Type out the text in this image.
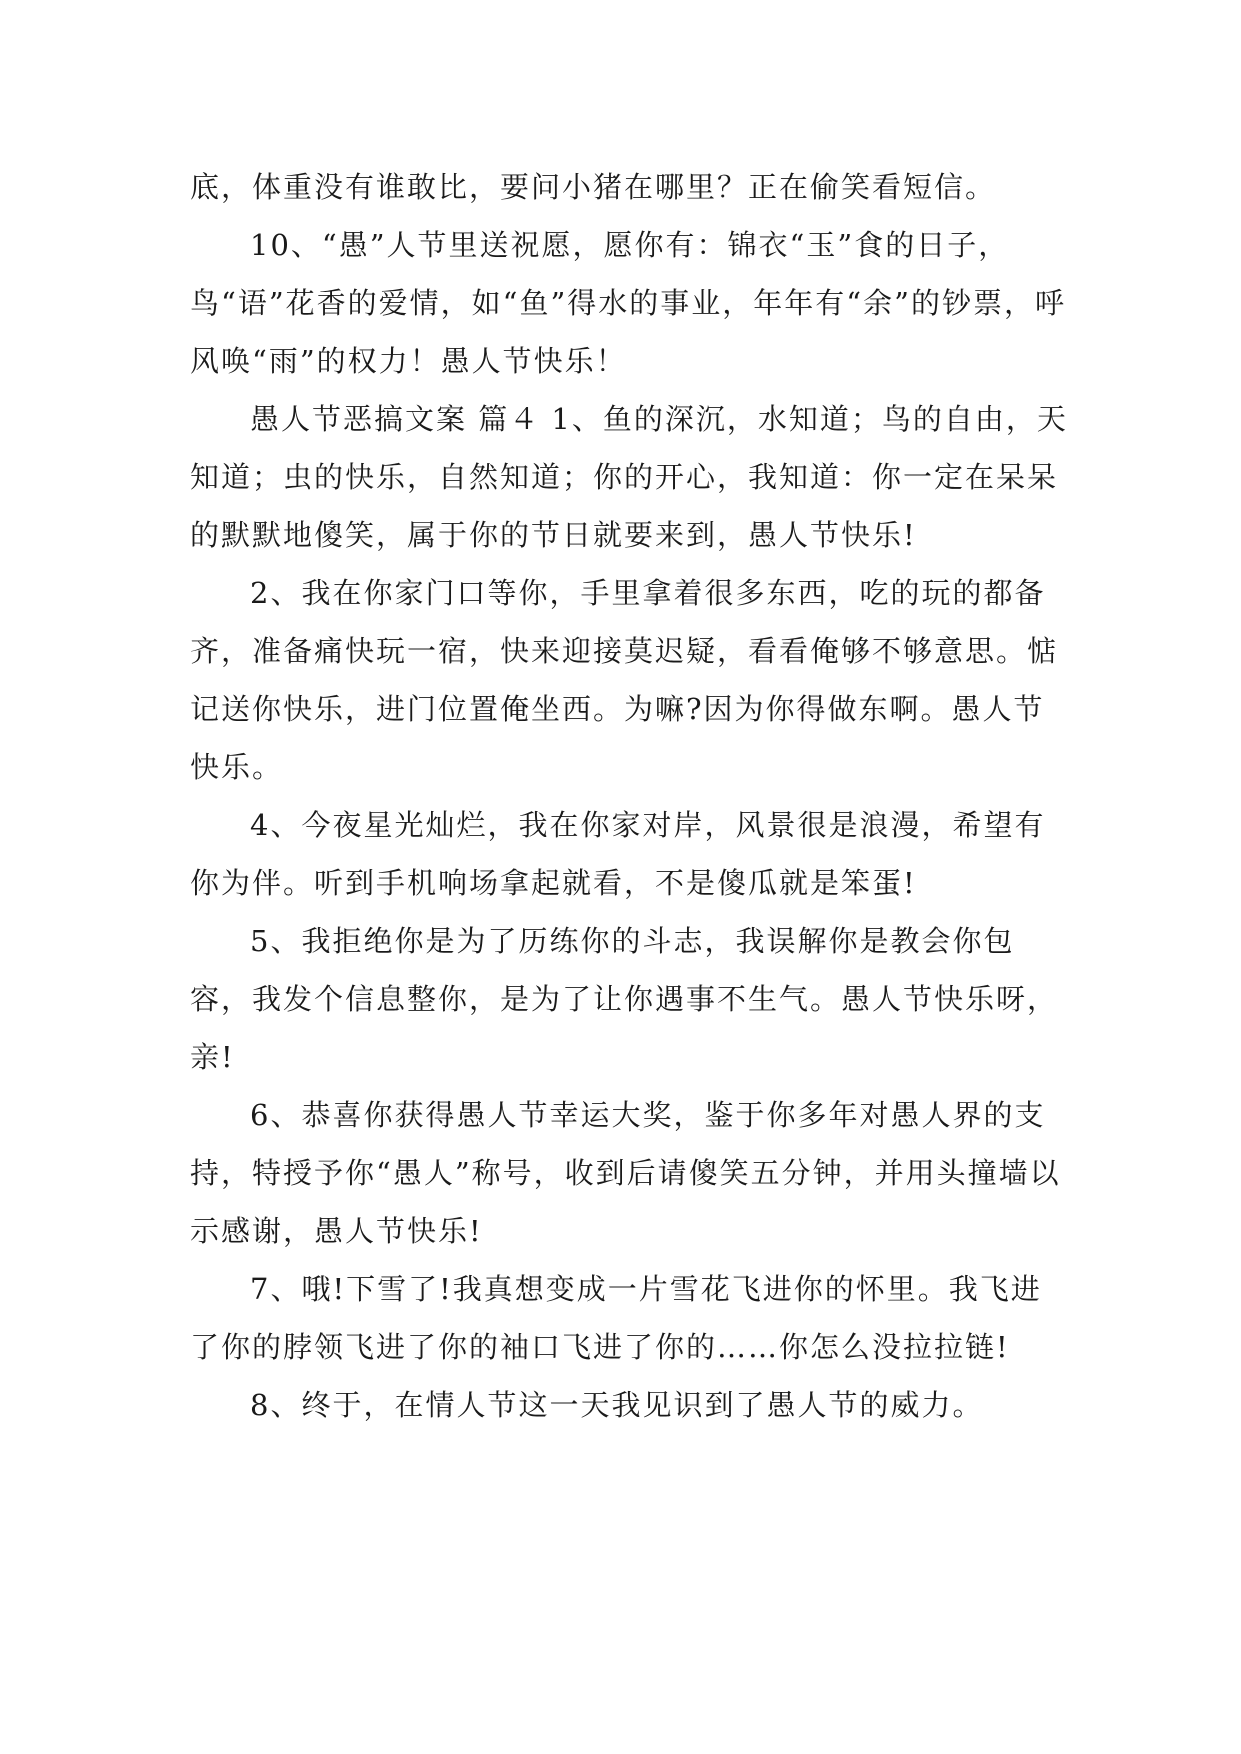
底，体重没有谁敢比，要问小猪在哪里？正在偷笑看短信。

10、“愚”人节里送祝愿，愿你有：锦衣“玉”食的日子，鸟“语”花香的爱情，如“鱼”得水的事业，年年有“余”的钞票，呼风唤“雨”的权力！愚人节快乐！

愚人节恶搞文案 篇４ 1、鱼的深沉，水知道；鸟的自由，天知道；虫的快乐，自然知道；你的开心，我知道：你一定在呆呆的默默地傻笑，属于你的节日就要来到，愚人节快乐!

2、我在你家门口等你，手里拿着很多东西，吃的玩的都备齐，准备痛快玩一宿，快来迎接莫迟疑，看看俺够不够意思。惦记送你快乐，进门位置俺坐西。为嘛?因为你得做东啊。愚人节快乐。

4、今夜星光灿烂，我在你家对岸，风景很是浪漫，希望有你为伴。听到手机响场拿起就看，不是傻瓜就是笨蛋!

5、我拒绝你是为了历练你的斗志，我误解你是教会你包容，我发个信息整你，是为了让你遇事不生气。愚人节快乐呀，亲!

6、恭喜你获得愚人节幸运大奖，鉴于你多年对愚人界的支持，特授予你“愚人”称号，收到后请傻笑五分钟，并用头撞墙以示感谢，愚人节快乐!

7、哦!下雪了!我真想变成一片雪花飞进你的怀里。我飞进了你的脖领飞进了你的袖口飞进了你的……你怎么没拉拉链!

8、终于，在情人节这一天我见识到了愚人节的威力。
